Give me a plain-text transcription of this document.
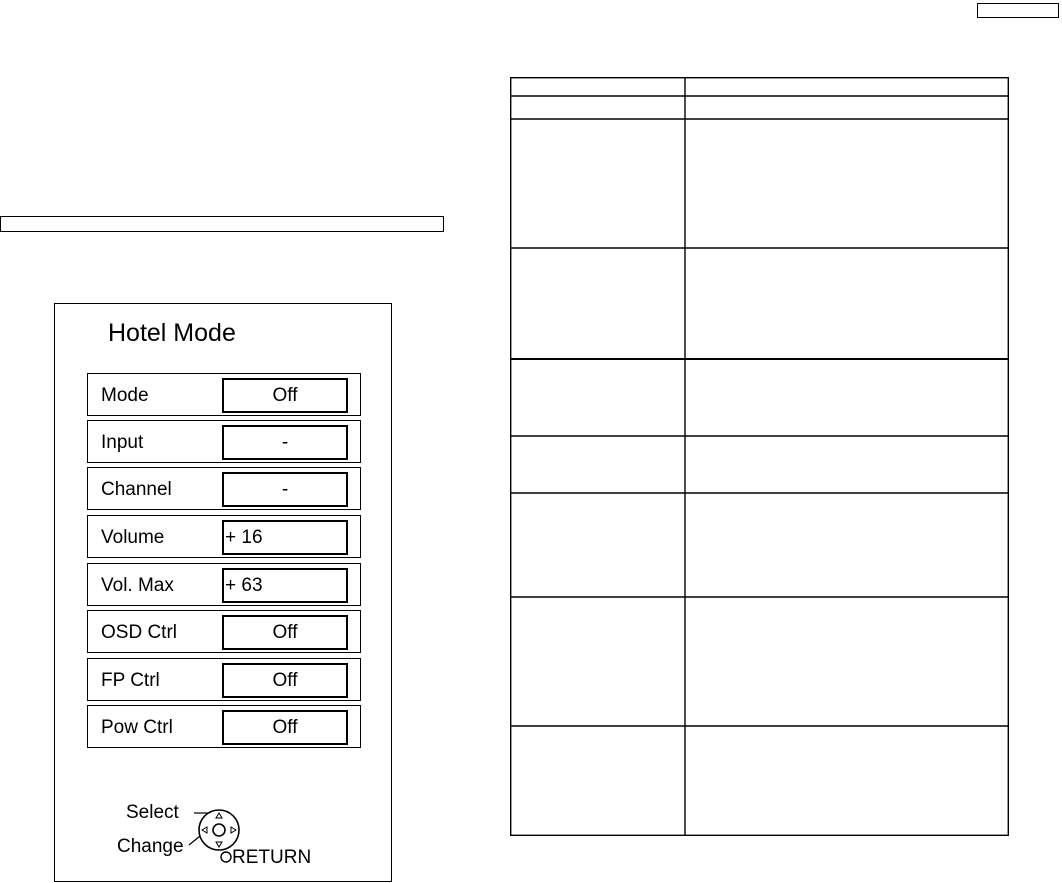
Hotel Mode
Mode	Off
Input	-
Channel	-
Volume	+ 16
Vol. Max	+ 63
OSD Ctrl	Off
FP Ctrl	Off
Pow Ctrl	Off
Select
Change
RETURN
